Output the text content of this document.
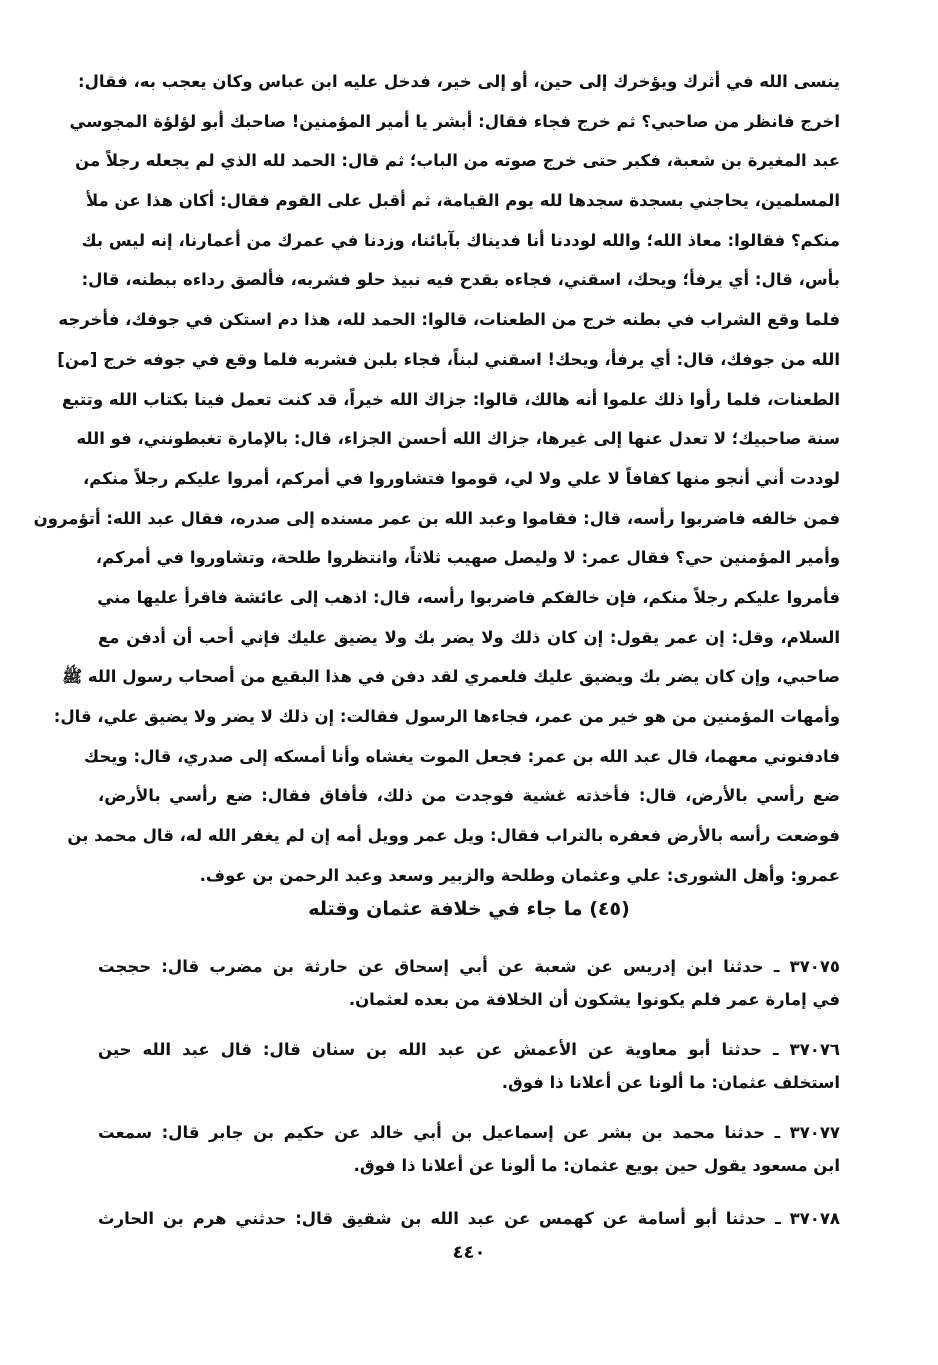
ينسى الله في أثرك ويؤخرك إلى حين، أو إلى خير، فدخل عليه ابن عباس وكان يعجب به، فقال:
اخرج فانظر من صاحبي؟ ثم خرج فجاء فقال: أبشر يا أمير المؤمنين! صاحبك أبو لؤلؤة المجوسي
عبد المغيرة بن شعبة، فكبر حتى خرج صوته من الباب؛ ثم قال: الحمد لله الذي لم يجعله رجلاً من
المسلمين، يحاجني بسجدة سجدها لله يوم القيامة، ثم أقبل على القوم فقال: أكان هذا عن ملأ
منكم؟ فقالوا: معاذ الله؛ والله لوددنا أنا فديناك بآبائنا، وزدنا في عمرك من أعمارنا، إنه ليس بك
بأس، قال: أي يرفأ؛ ويحك، اسقني، فجاءه بقدح فيه نبيذ حلو فشربه، فألصق رداءه ببطنه، قال:
فلما وقع الشراب في بطنه خرج من الطعنات، قالوا: الحمد لله، هذا دم استكن في جوفك، فأخرجه
الله من جوفك، قال: أي يرفأ، ويحك! اسقني لبناً، فجاء بلبن فشربه فلما وقع في جوفه خرج [من]
الطعنات، فلما رأوا ذلك علموا أنه هالك، قالوا: جزاك الله خيراً، قد كنت تعمل فينا بكتاب الله وتتبع
سنة صاحبيك؛ لا تعدل عنها إلى غيرها، جزاك الله أحسن الجزاء، قال: بالإمارة تغبطونني، فو الله
لوددت أني أنجو منها كفافاً لا علي ولا لي، قوموا فتشاوروا في أمركم، أمروا عليكم رجلاً منكم،
فمن خالفه فاضربوا رأسه، قال: فقاموا وعبد الله بن عمر مسنده إلى صدره، فقال عبد الله: أتؤمرون
وأمير المؤمنين حي؟ فقال عمر: لا وليصل صهيب ثلاثاً، وانتظروا طلحة، وتشاوروا في أمركم،
فأمروا عليكم رجلاً منكم، فإن خالفكم فاضربوا رأسه، قال: اذهب إلى عائشة فاقرأ عليها مني
السلام، وقل: إن عمر يقول: إن كان ذلك ولا يضر بك ولا يضيق عليك فإني أحب أن أدفن مع
صاحبي، وإن كان يضر بك ويضيق عليك فلعمري لقد دفن في هذا البقيع من أصحاب رسول الله ﷺ
وأمهات المؤمنين من هو خير من عمر، فجاءها الرسول فقالت: إن ذلك لا يضر ولا يضيق علي، قال:
فادفنوني معهما، قال عبد الله بن عمر: فجعل الموت يغشاه وأنا أمسكه إلى صدري، قال: ويحك
ضع رأسي بالأرض، قال: فأخذته غشية فوجدت من ذلك، فأفاق فقال: ضع رأسي بالأرض،
فوضعت رأسه بالأرض فعفره بالتراب فقال: ويل عمر وويل أمه إن لم يغفر الله له، قال محمد بن
عمرو: وأهل الشورى: علي وعثمان وطلحة والزبير وسعد وعبد الرحمن بن عوف.
(٤٥) ما جاء في خلافة عثمان وقتله
٣٧٠٧٥ ـ حدثنا ابن إدريس عن شعبة عن أبي إسحاق عن حارثة بن مضرب قال: حججت
في إمارة عمر فلم يكونوا يشكون أن الخلافة من بعده لعثمان.
٣٧٠٧٦ ـ حدثنا أبو معاوية عن الأعمش عن عبد الله بن سنان قال: قال عبد الله حين
استخلف عثمان: ما ألونا عن أعلانا ذا فوق.
٣٧٠٧٧ ـ حدثنا محمد بن بشر عن إسماعيل بن أبي خالد عن حكيم بن جابر قال: سمعت
ابن مسعود يقول حين بويع عثمان: ما ألونا عن أعلانا ذا فوق.
٣٧٠٧٨ ـ حدثنا أبو أسامة عن كهمس عن عبد الله بن شقيق قال: حدثني هرم بن الحارث
٤٤٠
